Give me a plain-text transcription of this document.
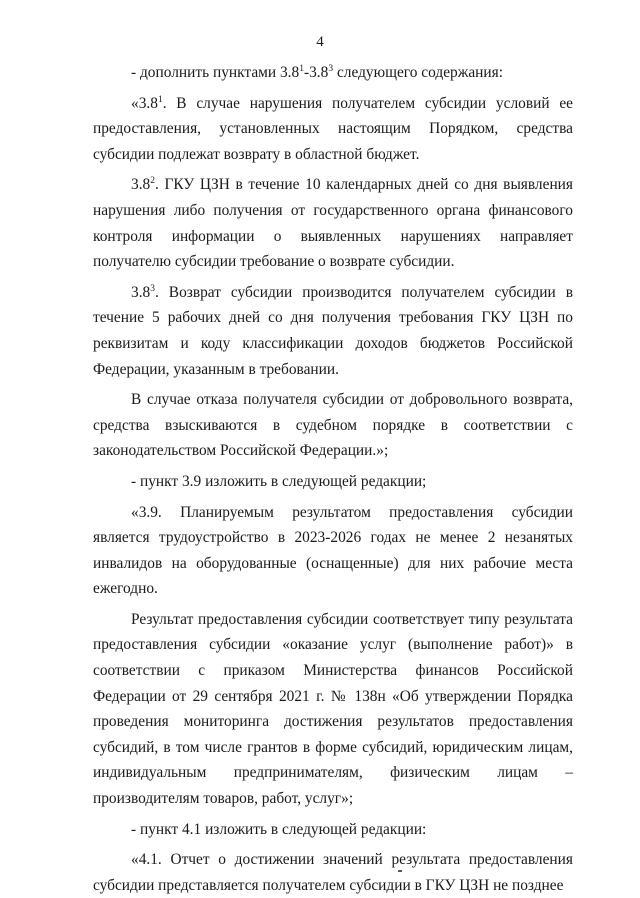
4

- дополнить пунктами $3.8^1-3.8^3$ следующего содержания:

«$3.8^1$. В случае нарушения получателем субсидии условий ее предоставления, установленных настоящим Порядком, средства субсидии подлежат возврату в областной бюджет.

$3.8^2$. ГКУ ЦЗН в течение 10 календарных дней со дня выявления нарушения либо получения от государственного органа финансового контроля информации о выявленных нарушениях направляет получателю субсидии требование о возврате субсидии.

$3.8^3$. Возврат субсидии производится получателем субсидии в течение 5 рабочих дней со дня получения требования ГКУ ЦЗН по реквизитам и коду классификации доходов бюджетов Российской Федерации, указанным в требовании.

В случае отказа получателя субсидии от добровольного возврата, средства взыскиваются в судебном порядке в соответствии с законодательством Российской Федерации.»;

- пункт 3.9 изложить в следующей редакции;

«3.9. Планируемым результатом предоставления субсидии является трудоустройство в 2023-2026 годах не менее 2 незанятых инвалидов на оборудованные (оснащенные) для них рабочие места ежегодно.

Результат предоставления субсидии соответствует типу результата предоставления субсидии «оказание услуг (выполнение работ)» в соответствии с приказом Министерства финансов Российской Федерации от 29 сентября 2021 г. № 138н «Об утверждении Порядка проведения мониторинга достижения результатов предоставления субсидий, в том числе грантов в форме субсидий, юридическим лицам, индивидуальным предпринимателям, физическим лицам – производителям товаров, работ, услуг»;

- пункт 4.1 изложить в следующей редакции:

«4.1. Отчет о достижении значений результата предоставления субсидии представляется получателем субсидии в ГКУ ЦЗН не позднее
